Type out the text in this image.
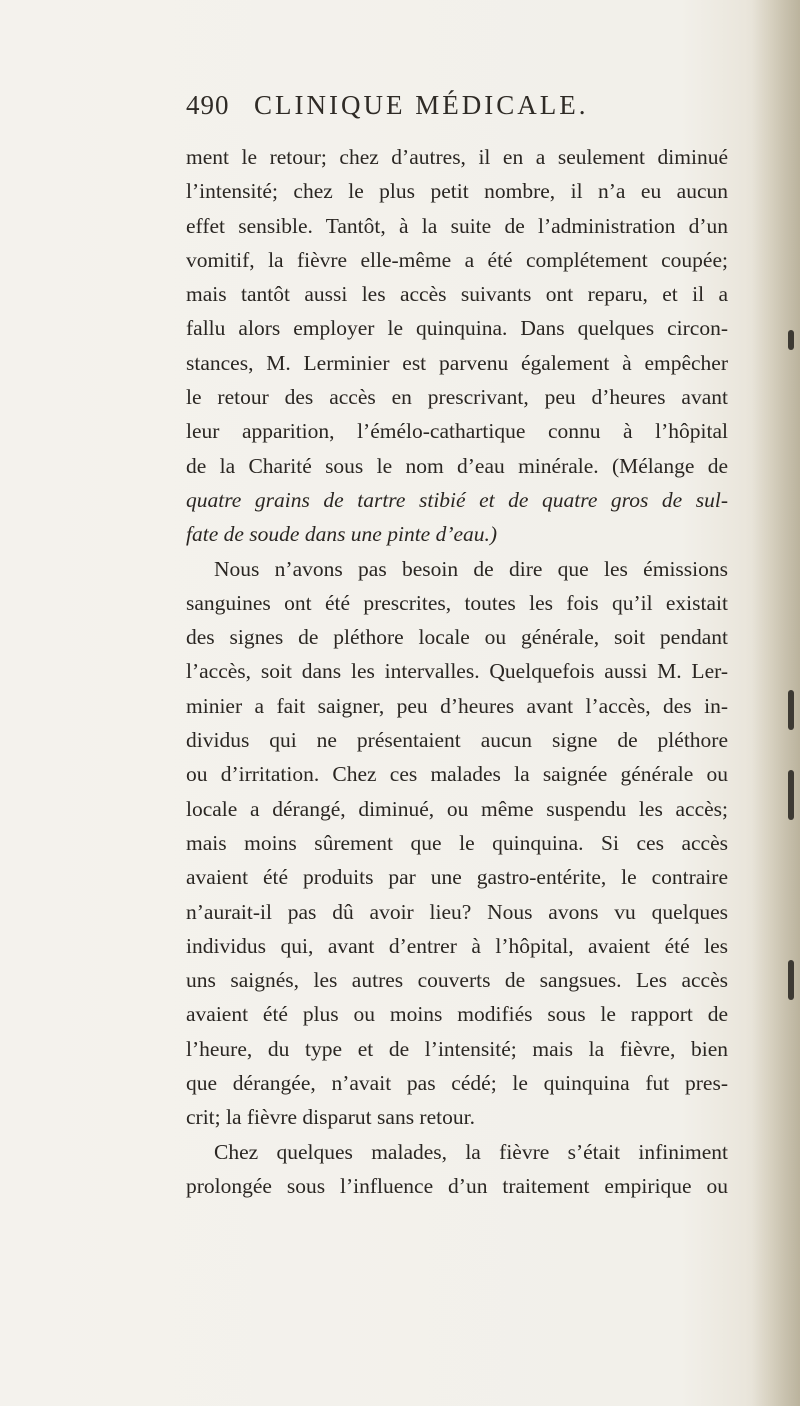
490 CLINIQUE MÉDICALE.
ment le retour; chez d’autres, il en a seulement diminué
l’intensité; chez le plus petit nombre, il n’a eu aucun
effet sensible. Tantôt, à la suite de l’administration d’un
vomitif, la fièvre elle-même a été complétement coupée;
mais tantôt aussi les accès suivants ont reparu, et il a
fallu alors employer le quinquina. Dans quelques circon-
stances, M. Lerminier est parvenu également à empêcher
le retour des accès en prescrivant, peu d’heures avant
leur apparition, l’émélo-cathartique connu à l’hôpital
de la Charité sous le nom d’eau minérale. (Mélange de
quatre grains de tartre stibié et de quatre gros de sul-
fate de soude dans une pinte d’eau.)
Nous n’avons pas besoin de dire que les émissions
sanguines ont été prescrites, toutes les fois qu’il existait
des signes de pléthore locale ou générale, soit pendant
l’accès, soit dans les intervalles. Quelquefois aussi M. Ler-
minier a fait saigner, peu d’heures avant l’accès, des in-
dividus qui ne présentaient aucun signe de pléthore
ou d’irritation. Chez ces malades la saignée générale ou
locale a dérangé, diminué, ou même suspendu les accès;
mais moins sûrement que le quinquina. Si ces accès
avaient été produits par une gastro-entérite, le contraire
n’aurait-il pas dû avoir lieu? Nous avons vu quelques
individus qui, avant d’entrer à l’hôpital, avaient été les
uns saignés, les autres couverts de sangsues. Les accès
avaient été plus ou moins modifiés sous le rapport de
l’heure, du type et de l’intensité; mais la fièvre, bien
que dérangée, n’avait pas cédé; le quinquina fut pres-
crit; la fièvre disparut sans retour.
Chez quelques malades, la fièvre s’était infiniment
prolongée sous l’influence d’un traitement empirique ou
